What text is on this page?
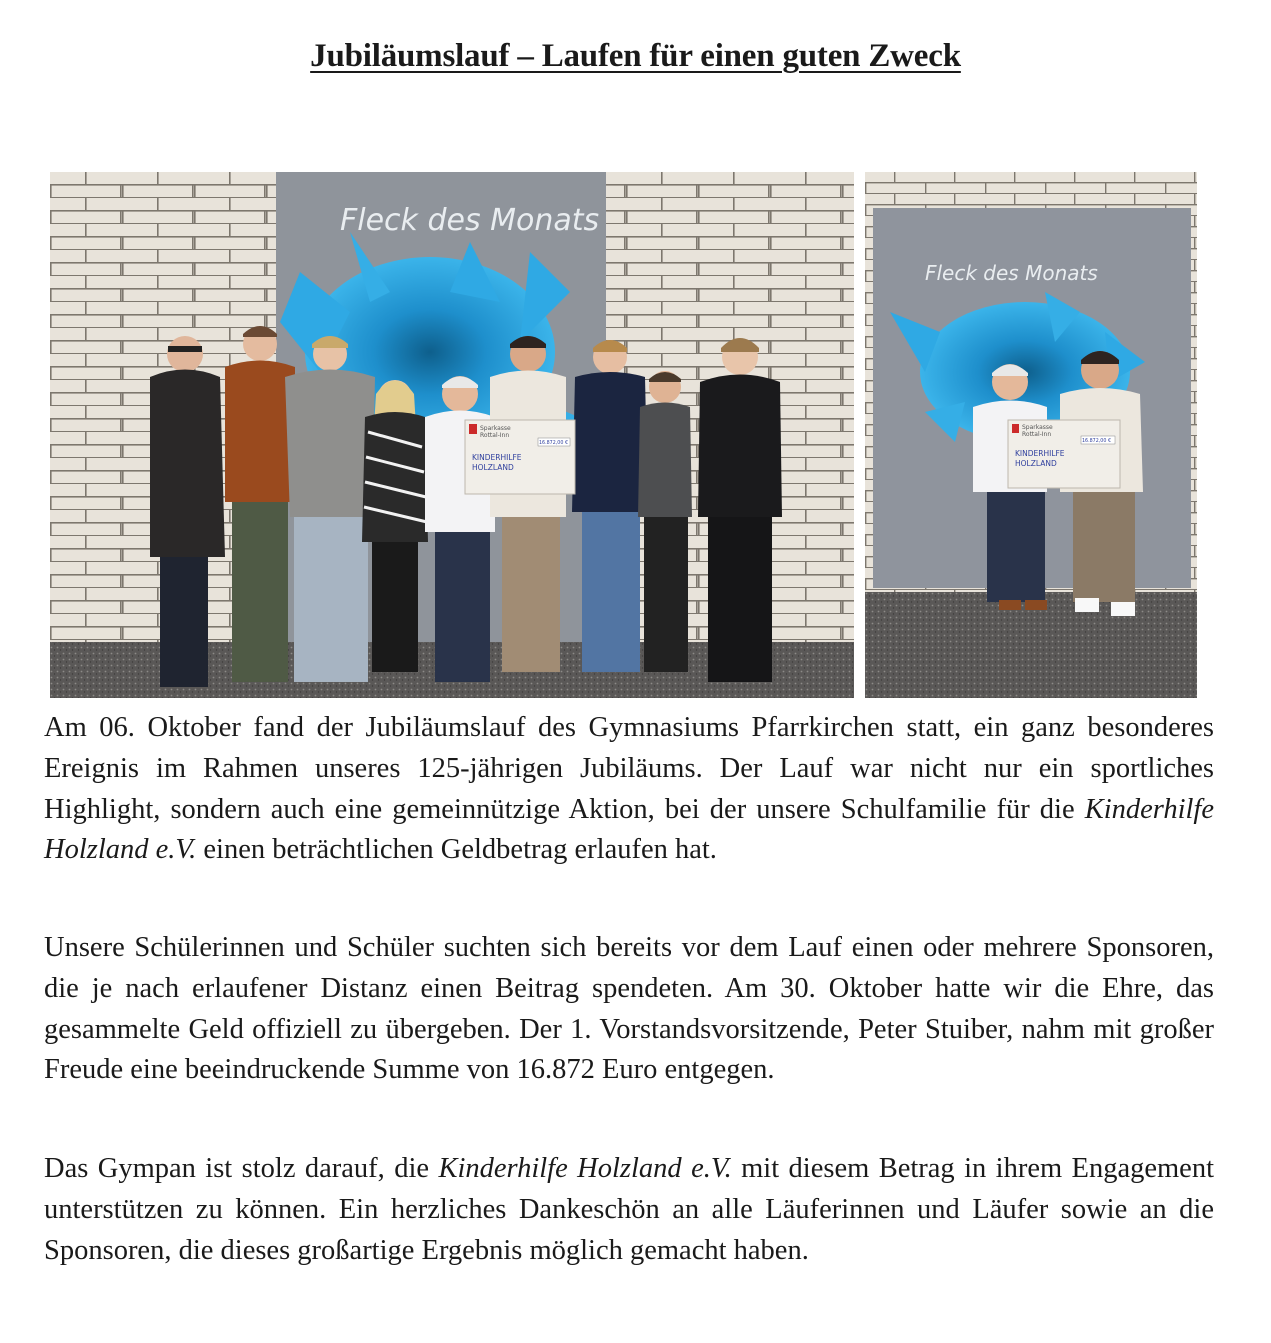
Jubiläumslauf – Laufen für einen guten Zweck
Fleck des Monats
Sparkasse
Rottal-Inn
16.872,00 €
KINDERHILFE
HOLZLAND
Fleck des Monats
Sparkasse
Rottal-Inn
16.872,00 €
KINDERHILFE
HOLZLAND

Am 06. Oktober fand der Jubiläumslauf des Gymnasiums Pfarrkirchen statt, ein ganz besonderes Ereignis im Rahmen unseres 125-jährigen Jubiläums. Der Lauf war nicht nur ein sportliches Highlight, sondern auch eine gemeinnützige Aktion, bei der unsere Schulfamilie für die Kinderhilfe Holzland e.V. einen beträchtlichen Geldbetrag erlaufen hat.

Unsere Schülerinnen und Schüler suchten sich bereits vor dem Lauf einen oder mehrere Sponsoren, die je nach erlaufener Distanz einen Beitrag spendeten. Am 30. Oktober hatte wir die Ehre, das gesammelte Geld offiziell zu übergeben. Der 1. Vorstandsvorsitzende, Peter Stuiber, nahm mit großer Freude eine beeindruckende Summe von 16.872 Euro entgegen.

Das Gympan ist stolz darauf, die Kinderhilfe Holzland e.V. mit diesem Betrag in ihrem Engagement unterstützen zu können. Ein herzliches Dankeschön an alle Läuferinnen und Läufer sowie an die Sponsoren, die dieses großartige Ergebnis möglich gemacht haben.
